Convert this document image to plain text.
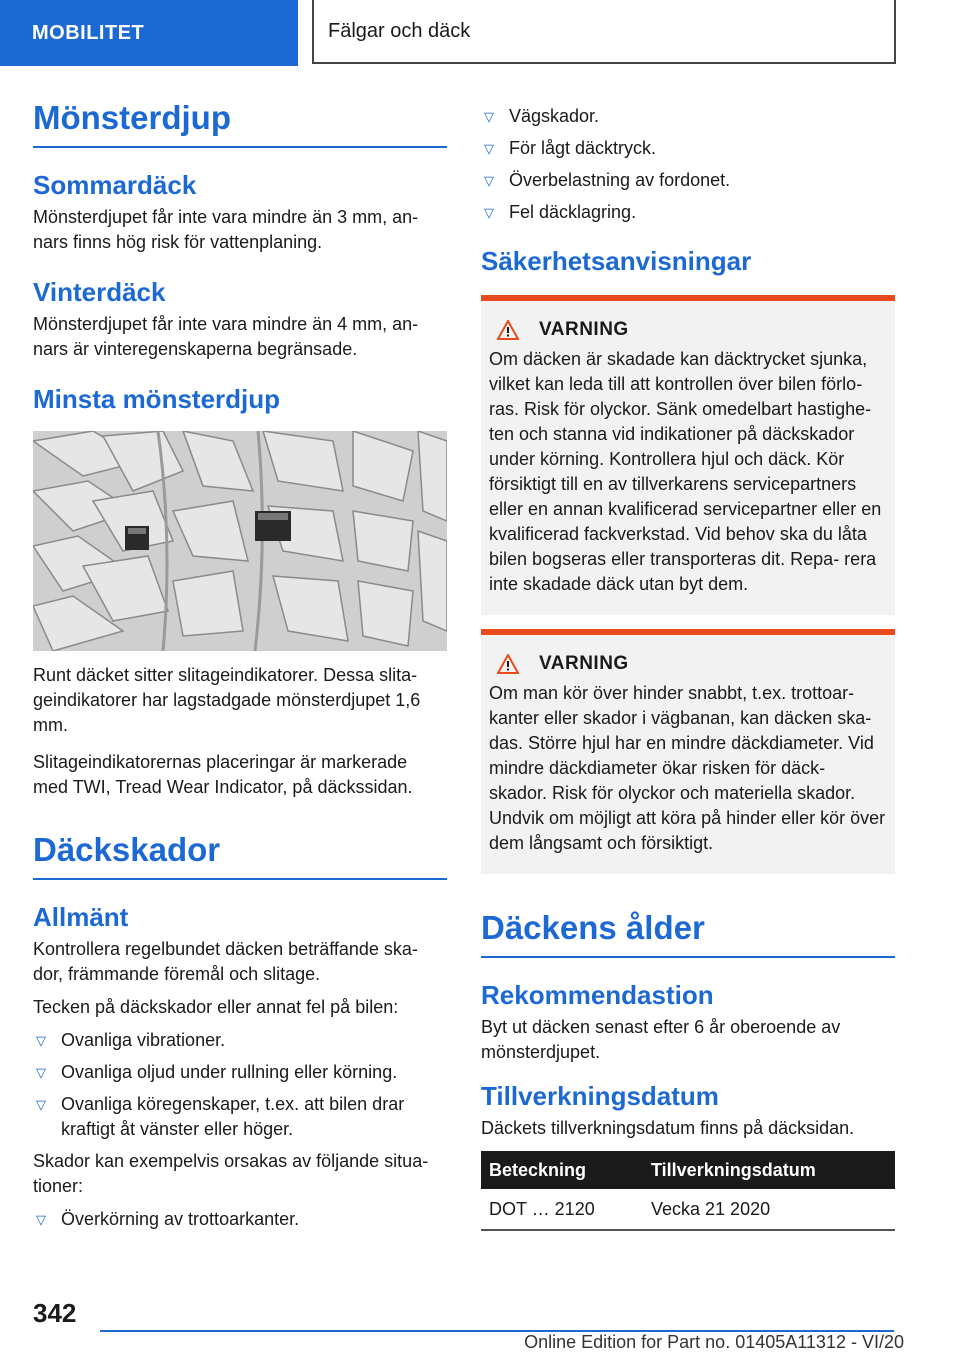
MOBILITET	Fälgar och däck
Mönsterdjup
Sommardäck

Mönsterdjupet får inte vara mindre än 3 mm, an‐ nars finns hög risk för vattenplaning.

Vinterdäck

Mönsterdjupet får inte vara mindre än 4 mm, an‐ nars är vinteregenskaperna begränsade.

Minsta mönsterdjup

Runt däcket sitter slitageindikatorer. Dessa slita‐ geindikatorer har lagstadgade mönsterdjupet 1,6 mm.

Slitageindikatorernas placeringar är markerade med TWI, Tread Wear Indicator, på däckssidan.

Däckskador
Allmänt

Kontrollera regelbundet däcken beträffande ska‐ dor, främmande föremål och slitage.

Tecken på däckskador eller annat fel på bilen:

▽ Ovanliga vibrationer.
▽ Ovanliga oljud under rullning eller körning.
▽ Ovanliga köregenskaper, t.ex. att bilen drar kraftigt åt vänster eller höger.

Skador kan exempelvis orsakas av följande situa‐ tioner:

▽ Överkörning av trottoarkanter.
▽ Vägskador.
▽ För lågt däcktryck.
▽ Överbelastning av fordonet.
▽ Fel däcklagring.
Säkerhetsanvisningar
VARNING

Om däcken är skadade kan däcktrycket sjunka, vilket kan leda till att kontrollen över bilen förlo‐ ras. Risk för olyckor. Sänk omedelbart hastighe‐ ten och stanna vid indikationer på däckskador under körning. Kontrollera hjul och däck. Kör försiktigt till en av tillverkarens servicepartners eller en annan kvalificerad servicepartner eller en kvalificerad fackverkstad. Vid behov ska du låta bilen bogseras eller transporteras dit. Repa‐ rera inte skadade däck utan byt dem.

VARNING

Om man kör över hinder snabbt, t.ex. trottoar‐ kanter eller skador i vägbanan, kan däcken ska‐ das. Större hjul har en mindre däckdiameter. Vid mindre däckdiameter ökar risken för däck‐ skador. Risk för olyckor och materiella skador. Undvik om möjligt att köra på hinder eller kör över dem långsamt och försiktigt.

Däckens ålder
Rekommendastion

Byt ut däcken senast efter 6 år oberoende av mönsterdjupet.

Tillverkningsdatum

Däckets tillverkningsdatum finns på däcksidan.

Beteckning	Tillverkningsdatum
DOT … 2120	Vecka 21 2020
342
Online Edition for Part no. 01405A11312 - VI/20
